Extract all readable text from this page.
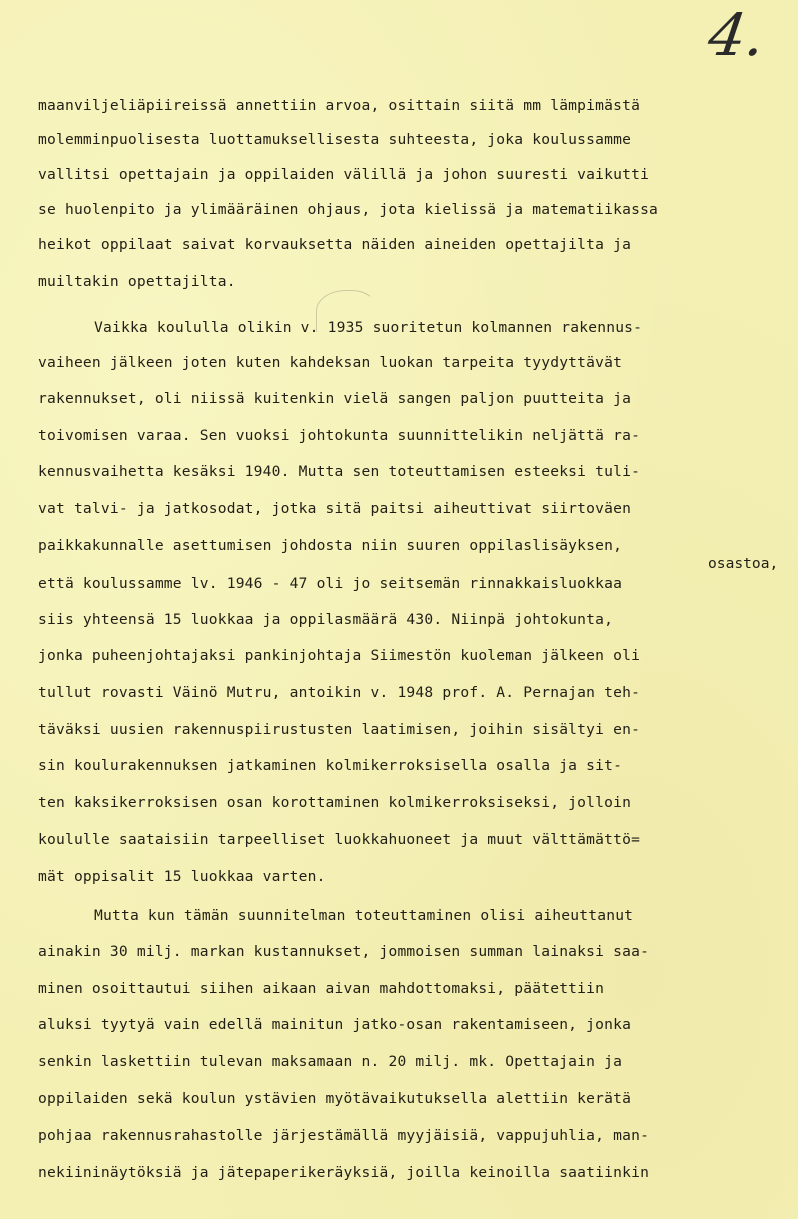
4.
maanviljeliäpiireissä annettiin arvoa, osittain siitä mm lämpimästä
molemminpuolisesta luottamuksellisesta suhteesta, joka koulussamme
vallitsi opettajain ja oppilaiden välillä ja johon suuresti vaikutti
se huolenpito ja ylimääräinen ohjaus, jota kielissä ja matematiikassa
heikot oppilaat saivat korvauksetta näiden aineiden opettajilta ja
muiltakin opettajilta.
Vaikka koululla olikin v. 1935 suoritetun kolmannen rakennus-
vaiheen jälkeen joten kuten kahdeksan luokan tarpeita tyydyttävät
rakennukset, oli niissä kuitenkin vielä sangen paljon puutteita ja
toivomisen varaa. Sen vuoksi johtokunta suunnittelikin neljättä ra-
kennusvaihetta kesäksi 1940. Mutta sen toteuttamisen esteeksi tuli-
vat talvi- ja jatkosodat, jotka sitä paitsi aiheuttivat siirtoväen
paikkakunnalle asettumisen johdosta niin suuren oppilaslisäyksen,
osastoa,
että koulussamme lv. 1946 - 47 oli jo seitsemän rinnakkaisluokkaa
siis yhteensä 15 luokkaa ja oppilasmäärä 430. Niinpä johtokunta,
jonka puheenjohtajaksi pankinjohtaja Siimestön kuoleman jälkeen oli
tullut rovasti Väinö Mutru, antoikin v. 1948 prof. A. Pernajan teh-
täväksi uusien rakennuspiirustusten laatimisen, joihin sisältyi en-
sin koulurakennuksen jatkaminen kolmikerroksisella osalla ja sit-
ten kaksikerroksisen osan korottaminen kolmikerroksiseksi, jolloin
koululle saataisiin tarpeelliset luokkahuoneet ja muut välttämättö=
mät oppisalit 15 luokkaa varten.
Mutta kun tämän suunnitelman toteuttaminen olisi aiheuttanut
ainakin 30 milj. markan kustannukset, jommoisen summan lainaksi saa-
minen osoittautui siihen aikaan aivan mahdottomaksi, päätettiin
aluksi tyytyä vain edellä mainitun jatko-osan rakentamiseen, jonka
senkin laskettiin tulevan maksamaan n. 20 milj. mk. Opettajain ja
oppilaiden sekä koulun ystävien myötävaikutuksella alettiin kerätä
pohjaa rakennusrahastolle järjestämällä myyjäisiä, vappujuhlia, man-
nekiininäytöksiä ja jätepaperikeräyksiä, joilla keinoilla saatiinkin
